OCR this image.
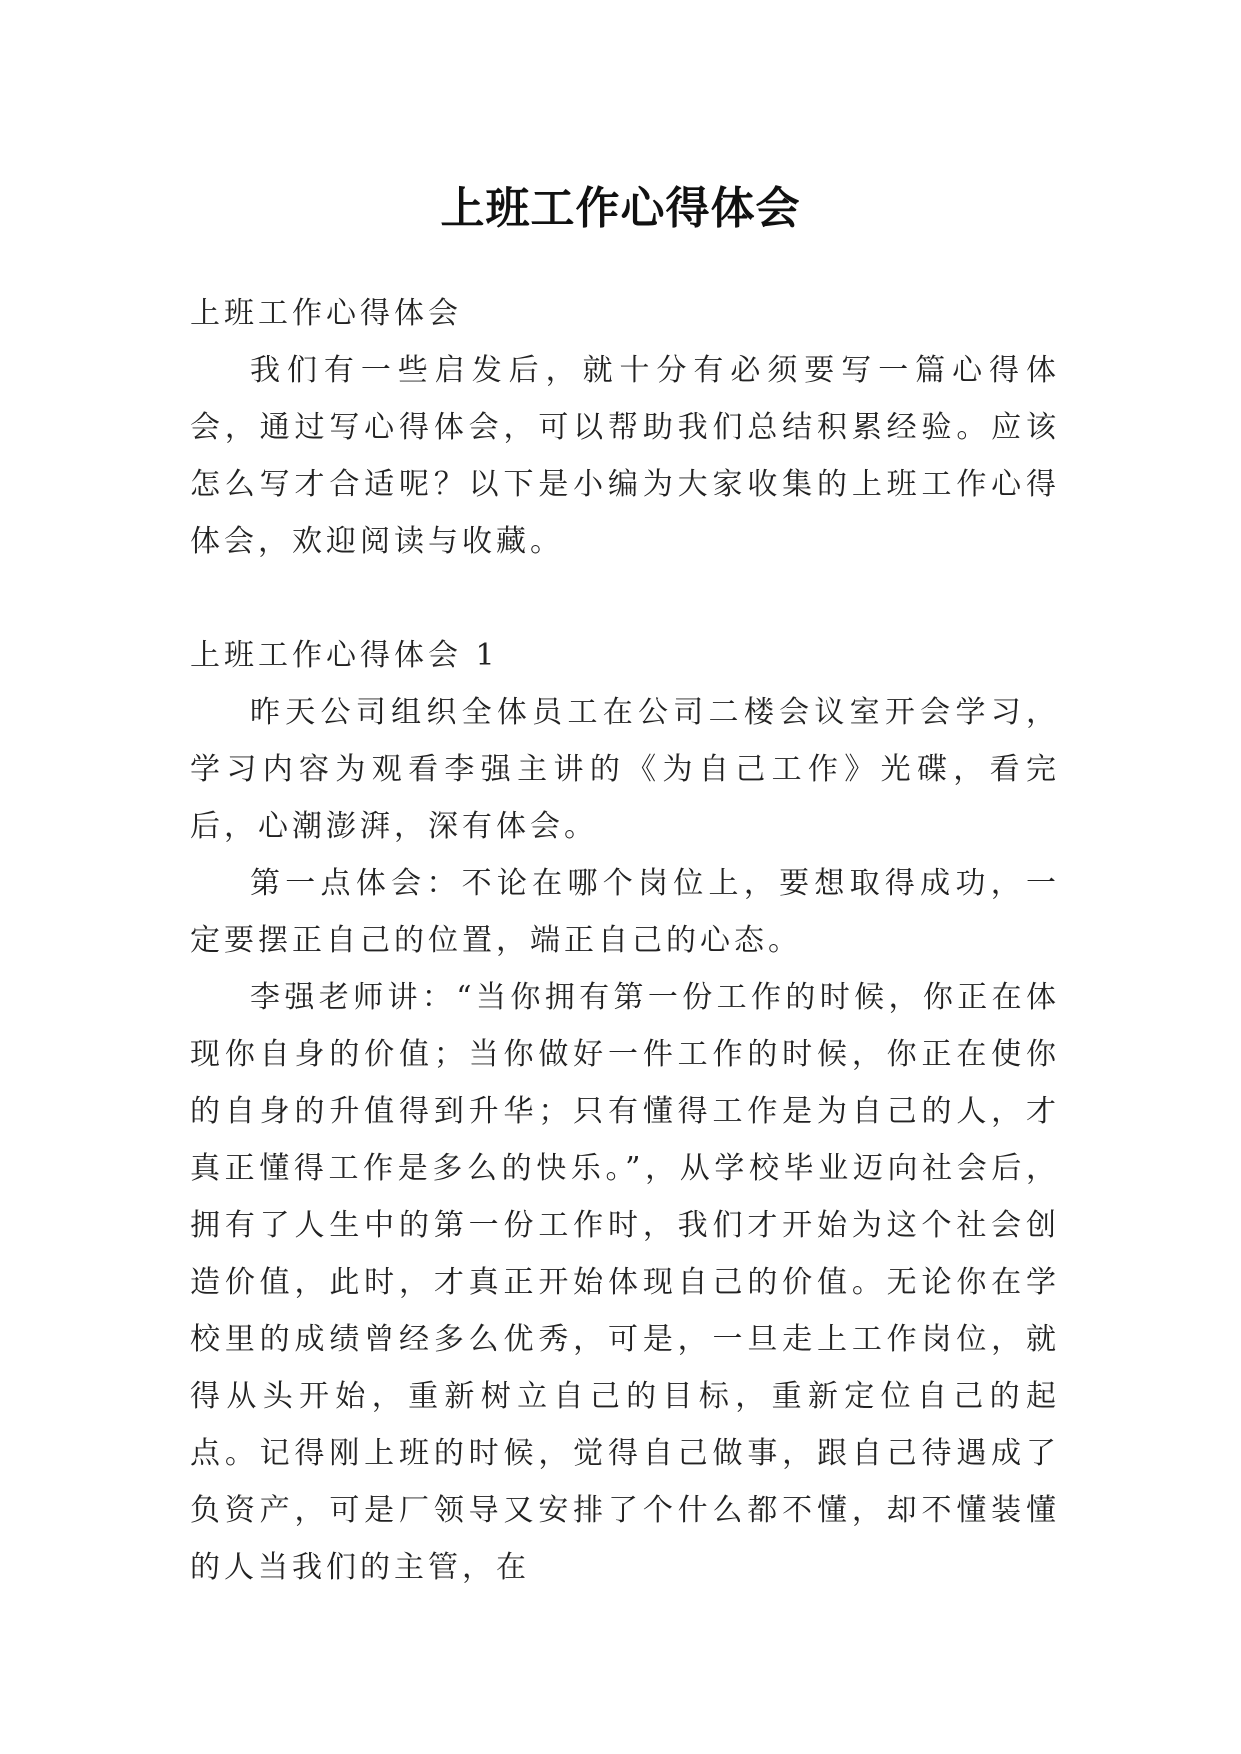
上班工作心得体会

上班工作心得体会

我们有一些启发后，就十分有必须要写一篇心得体会，通过写心得体会，可以帮助我们总结积累经验。应该怎么写才合适呢？以下是小编为大家收集的上班工作心得体会，欢迎阅读与收藏。

上班工作心得体会 1

昨天公司组织全体员工在公司二楼会议室开会学习，学习内容为观看李强主讲的《为自己工作》光碟，看完后，心潮澎湃，深有体会。

第一点体会：不论在哪个岗位上，要想取得成功，一定要摆正自己的位置，端正自己的心态。

李强老师讲：“当你拥有第一份工作的时候，你正在体现你自身的价值；当你做好一件工作的时候，你正在使你的自身的升值得到升华；只有懂得工作是为自己的人，才真正懂得工作是多么的快乐。”，从学校毕业迈向社会后，拥有了人生中的第一份工作时，我们才开始为这个社会创造价值，此时，才真正开始体现自己的价值。无论你在学校里的成绩曾经多么优秀，可是，一旦走上工作岗位，就得从头开始，重新树立自己的目标，重新定位自己的起点。记得刚上班的时候，觉得自己做事，跟自己待遇成了负资产，可是厂领导又安排了个什么都不懂，却不懂装懂的人当我们的主管，在
